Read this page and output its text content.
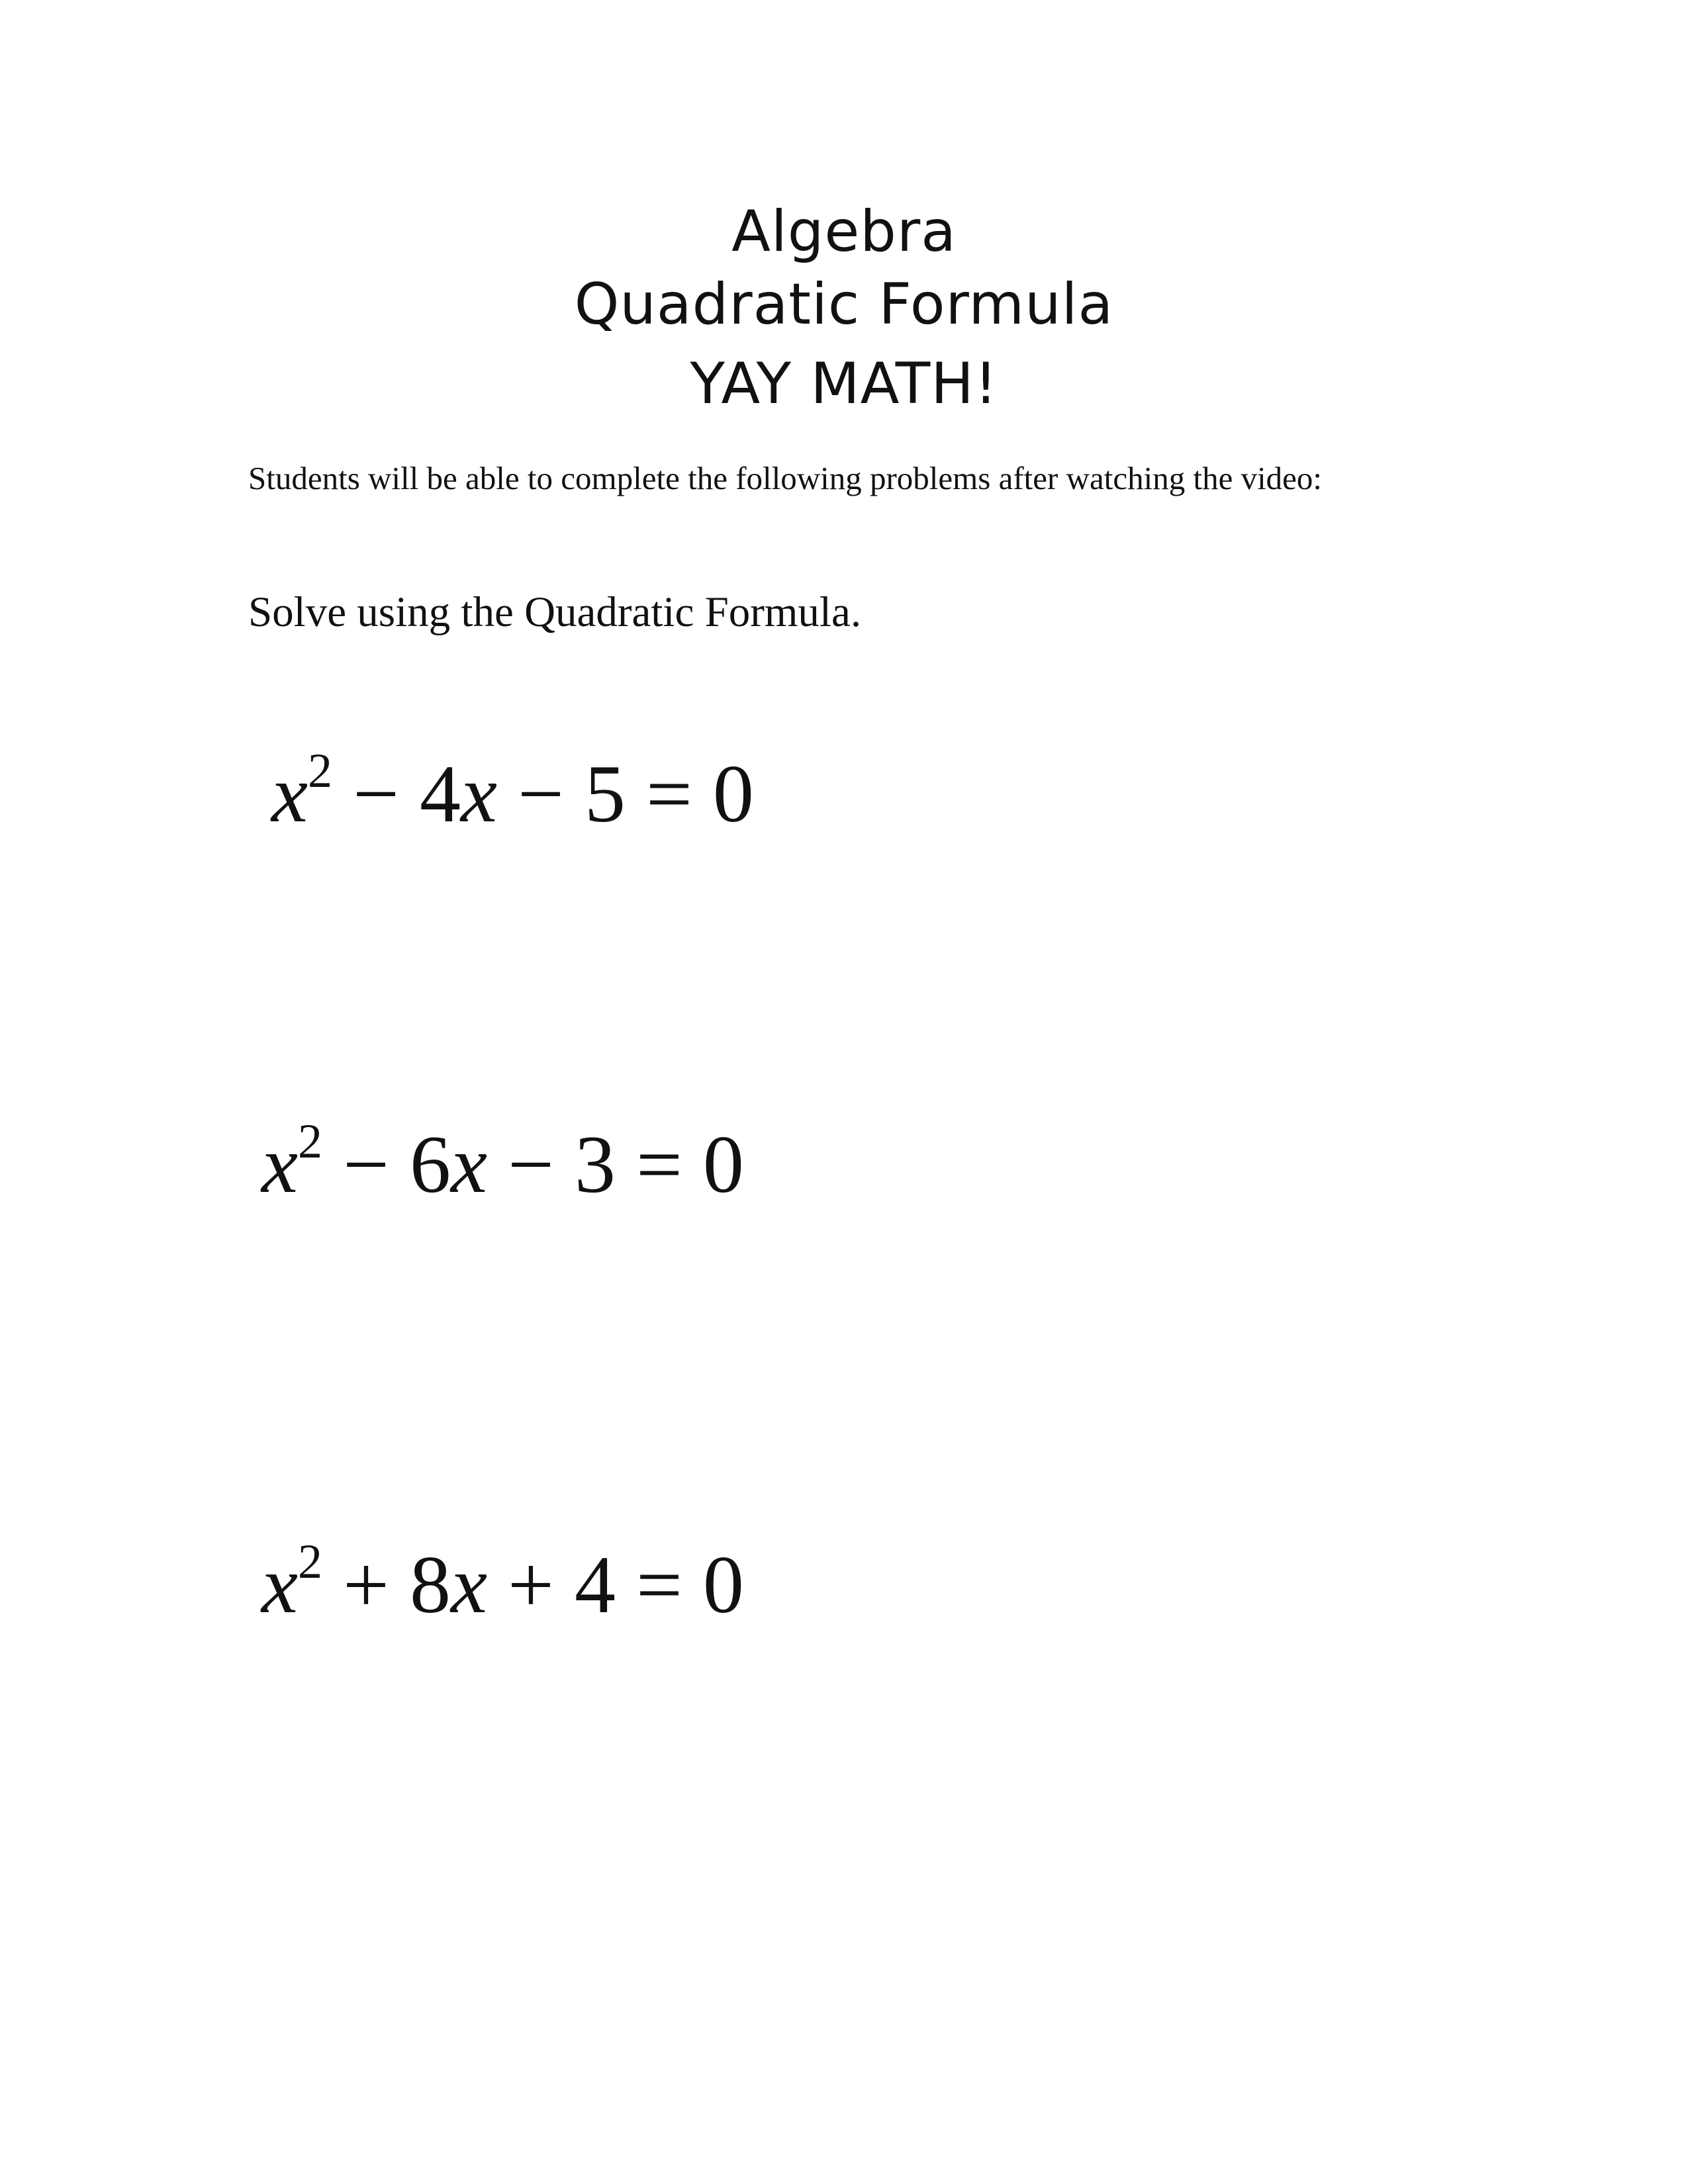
Algebra
Quadratic Formula
YAY MATH!
Students will be able to complete the following problems after watching the video:
Solve using the Quadratic Formula.
$x^2 - 4x - 5 = 0$
$x^2 - 6x - 3 = 0$
$x^2 + 8x + 4 = 0$
